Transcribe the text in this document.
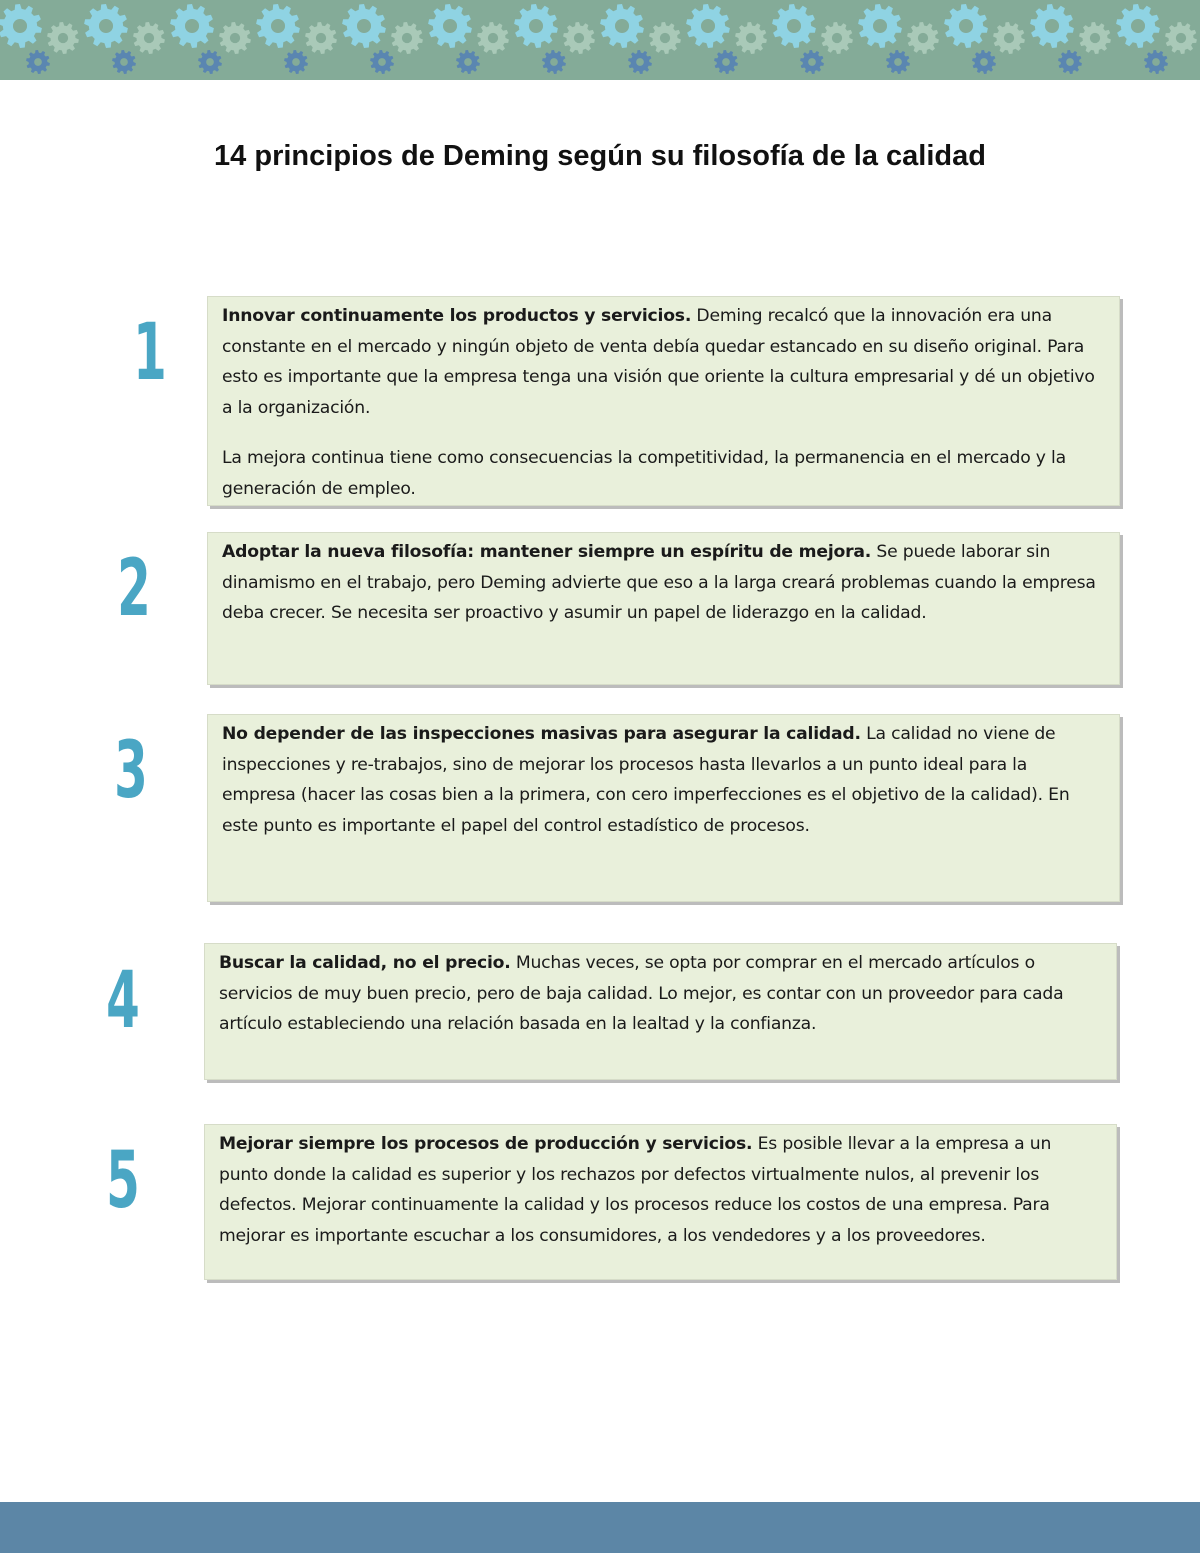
14 principios de Deming según su filosofía de la calidad
1	Innovar continuamente los productos y servicios. Deming recalcó que la innovación era una constante en el mercado y ningún objeto de venta debía quedar estancado en su diseño original. Para esto es importante que la empresa tenga una visión que oriente la cultura empresarial y dé un objetivo a la organización.

La mejora continua tiene como consecuencias la competitividad, la permanencia en el mercado y la generación de empleo.

2	Adoptar la nueva filosofía: mantener siempre un espíritu de mejora. Se puede laborar sin dinamismo en el trabajo, pero Deming advierte que eso a la larga creará problemas cuando la empresa deba crecer. Se necesita ser proactivo y asumir un papel de liderazgo en la calidad.

3	No depender de las inspecciones masivas para asegurar la calidad. La calidad no viene de inspecciones y re-trabajos, sino de mejorar los procesos hasta llevarlos a un punto ideal para la empresa (hacer las cosas bien a la primera, con cero imperfecciones es el objetivo de la calidad). En este punto es importante el papel del control estadístico de procesos.

4	Buscar la calidad, no el precio. Muchas veces, se opta por comprar en el mercado artículos o servicios de muy buen precio, pero de baja calidad. Lo mejor, es contar con un proveedor para cada artículo estableciendo una relación basada en la lealtad y la confianza.

5	Mejorar siempre los procesos de producción y servicios. Es posible llevar a la empresa a un punto donde la calidad es superior y los rechazos por defectos virtualmente nulos, al prevenir los defectos. Mejorar continuamente la calidad y los procesos reduce los costos de una empresa. Para mejorar es importante escuchar a los consumidores, a los vendedores y a los proveedores.
